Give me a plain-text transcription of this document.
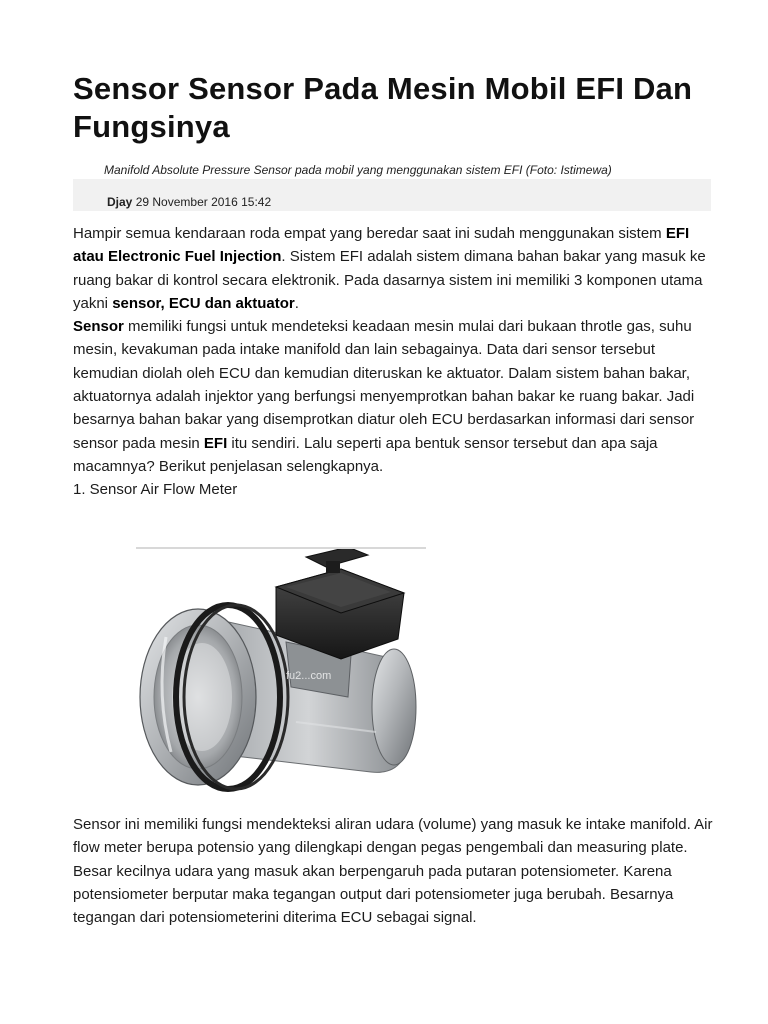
Sensor Sensor Pada Mesin Mobil EFI Dan Fungsinya
Manifold Absolute Pressure Sensor pada mobil yang menggunakan sistem EFI (Foto: Istimewa)
Djay 29 November 2016 15:42

Hampir semua kendaraan roda empat yang beredar saat ini sudah menggunakan sistem EFI atau Electronic Fuel Injection. Sistem EFI adalah sistem dimana bahan bakar yang masuk ke ruang bakar di kontrol secara elektronik. Pada dasarnya sistem ini memiliki 3 komponen utama yakni sensor, ECU dan aktuator.

Sensor memiliki fungsi untuk mendeteksi keadaan mesin mulai dari bukaan throtle gas, suhu mesin, kevakuman pada intake manifold dan lain sebagainya. Data dari sensor tersebut kemudian diolah oleh ECU dan kemudian diteruskan ke aktuator. Dalam sistem bahan bakar, aktuatornya adalah injektor yang berfungsi menyemprotkan bahan bakar ke ruang bakar. Jadi besarnya bahan bakar yang disemprotkan diatur oleh ECU berdasarkan informasi dari sensor sensor pada mesin EFI itu sendiri. Lalu seperti apa bentuk sensor tersebut dan apa saja macamnya? Berikut penjelasan selengkapnya.

1. Sensor Air Flow Meter

fu2...com

Sensor ini memiliki fungsi mendekteksi aliran udara (volume) yang masuk ke intake manifold. Air flow meter berupa potensio yang dilengkapi dengan pegas pengembali dan measuring plate. Besar kecilnya udara yang masuk akan berpengaruh pada putaran potensiometer. Karena potensiometer berputar maka tegangan output dari potensiometer juga berubah. Besarnya tegangan dari potensiometerini diterima ECU sebagai signal.
